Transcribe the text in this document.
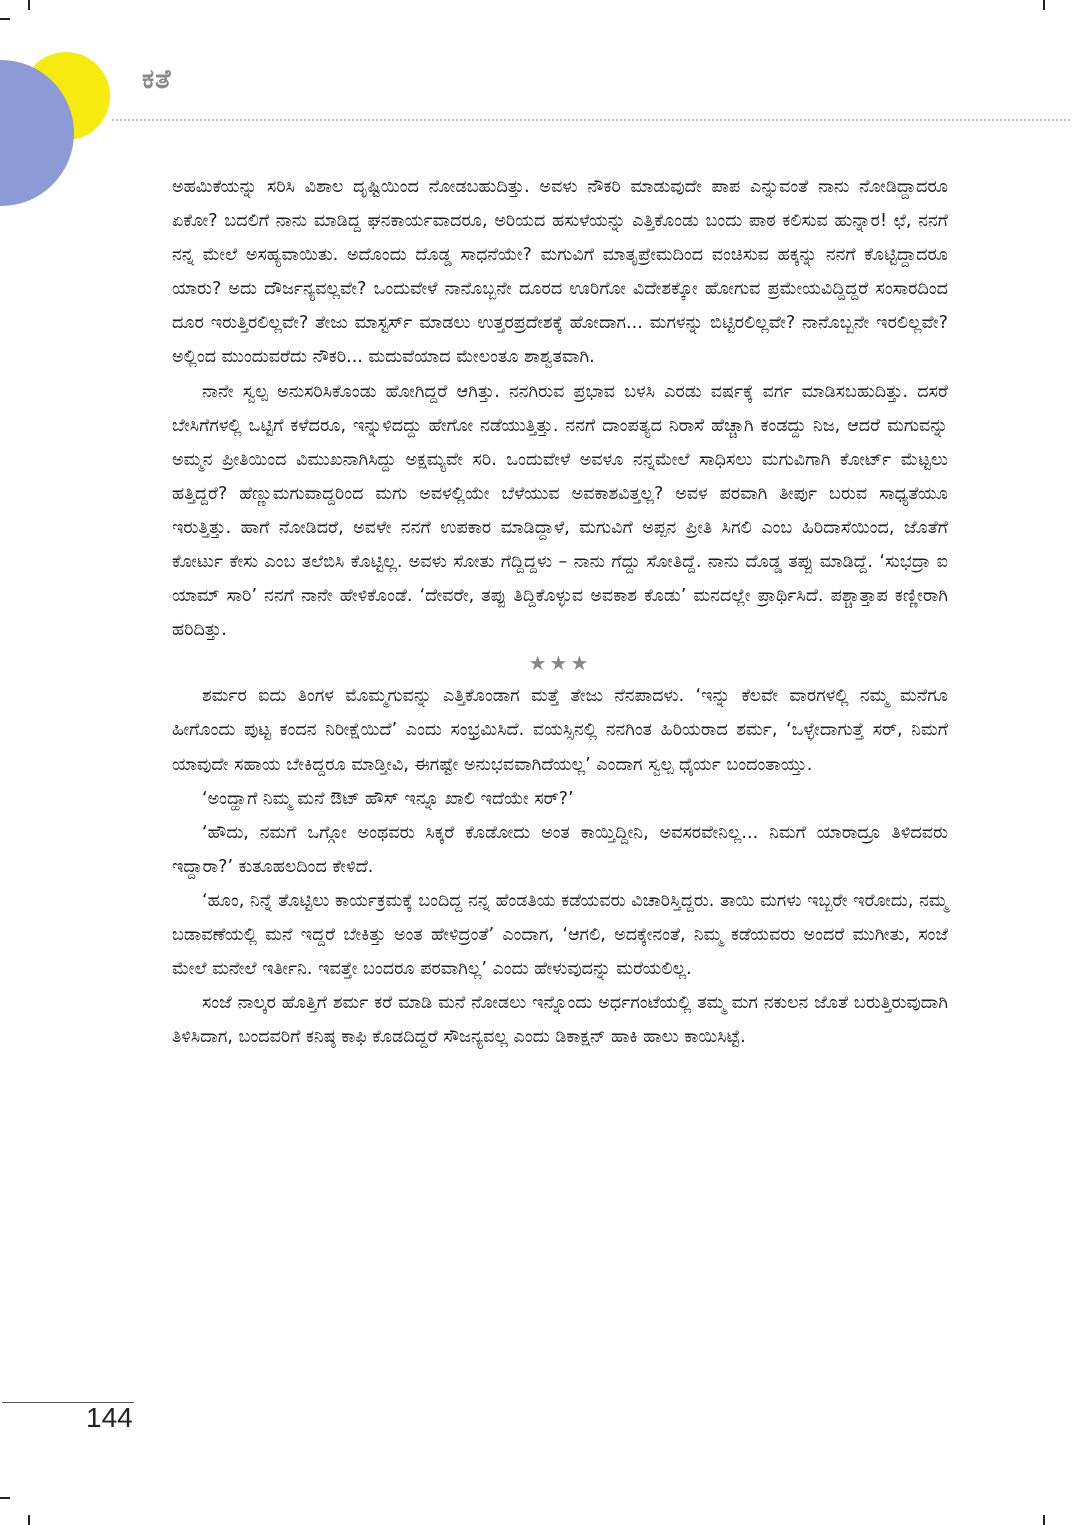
ಕತೆ

ಅಹಮಿಕೆಯನ್ನು ಸರಿಸಿ ವಿಶಾಲ ದೃಷ್ಟಿಯಿಂದ ನೋಡಬಹುದಿತ್ತು. ಅವಳು ನೌಕರಿ ಮಾಡುವುದೇ ಪಾಪ ಎನ್ನುವಂತೆ ನಾನು ನೋಡಿದ್ದಾದರೂ ಏಕೋ? ಬದಲಿಗೆ ನಾನು ಮಾಡಿದ್ದ ಘನಕಾರ್ಯವಾದರೂ, ಅರಿಯದ ಹಸುಳೆಯನ್ನು ಎತ್ತಿಕೊಂಡು ಬಂದು ಪಾಠ ಕಲಿಸುವ ಹುನ್ನಾರ! ಛೆ, ನನಗೆ ನನ್ನ ಮೇಲೆ ಅಸಹ್ಯವಾಯಿತು. ಅದೊಂದು ದೊಡ್ಡ ಸಾಧನೆಯೇ? ಮಗುವಿಗೆ ಮಾತೃಪ್ರೇಮದಿಂದ ವಂಚಿಸುವ ಹಕ್ಕನ್ನು ನನಗೆ ಕೊಟ್ಟಿದ್ದಾದರೂ ಯಾರು? ಅದು ದೌರ್ಜನ್ಯವಲ್ಲವೇ? ಒಂದುವೇಳೆ ನಾನೊಬ್ಬನೇ ದೂರದ ಊರಿಗೋ ವಿದೇಶಕ್ಕೋ ಹೋಗುವ ಪ್ರಮೇಯವಿದ್ದಿದ್ದರೆ ಸಂಸಾರದಿಂದ ದೂರ ಇರುತ್ತಿರಲಿಲ್ಲವೇ? ತೇಜು ಮಾಸ್ಟರ್ಸ್ ಮಾಡಲು ಉತ್ತರಪ್ರದೇಶಕ್ಕೆ ಹೋದಾಗ... ಮಗಳನ್ನು ಬಿಟ್ಟಿರಲಿಲ್ಲವೇ? ನಾನೊಬ್ಬನೇ ಇರಲಿಲ್ಲವೇ? ಅಲ್ಲಿಂದ ಮುಂದುವರೆದು ನೌಕರಿ... ಮದುವೆಯಾದ ಮೇಲಂತೂ ಶಾಶ್ವತವಾಗಿ.

ನಾನೇ ಸ್ವಲ್ಪ ಅನುಸರಿಸಿಕೊಂಡು ಹೋಗಿದ್ದರೆ ಆಗಿತ್ತು. ನನಗಿರುವ ಪ್ರಭಾವ ಬಳಸಿ ಎರಡು ವರ್ಷಕ್ಕೆ ವರ್ಗ ಮಾಡಿಸಬಹುದಿತ್ತು. ದಸರೆ ಬೇಸಿಗೆಗಳಲ್ಲಿ ಒಟ್ಟಿಗೆ ಕಳೆದರೂ, ಇನ್ನುಳಿದದ್ದು ಹೇಗೋ ನಡೆಯುತ್ತಿತ್ತು. ನನಗೆ ದಾಂಪತ್ಯದ ನಿರಾಸೆ ಹೆಚ್ಚಾಗಿ ಕಂಡದ್ದು ನಿಜ, ಆದರೆ ಮಗುವನ್ನು ಅಮ್ಮನ ಪ್ರೀತಿಯಿಂದ ವಿಮುಖನಾಗಿಸಿದ್ದು ಅಕ್ಷಮ್ಯವೇ ಸರಿ. ಒಂದುವೇಳೆ ಅವಳೂ ನನ್ನಮೇಲೆ ಸಾಧಿಸಲು ಮಗುವಿಗಾಗಿ ಕೋರ್ಟ್ ಮೆಟ್ಟಲು ಹತ್ತಿದ್ದರೆ? ಹೆಣ್ಣುಮಗುವಾದ್ದರಿಂದ ಮಗು ಅವಳಲ್ಲಿಯೇ ಬೆಳೆಯುವ ಅವಕಾಶವಿತ್ತಲ್ಲ? ಅವಳ ಪರವಾಗಿ ತೀರ್ಪು ಬರುವ ಸಾಧ್ಯತೆಯೂ ಇರುತ್ತಿತ್ತು. ಹಾಗೆ ನೋಡಿದರೆ, ಅವಳೇ ನನಗೆ ಉಪಕಾರ ಮಾಡಿದ್ದಾಳೆ, ಮಗುವಿಗೆ ಅಪ್ಪನ ಪ್ರೀತಿ ಸಿಗಲಿ ಎಂಬ ಹಿರಿದಾಸೆಯಿಂದ, ಜೊತೆಗೆ ಕೋರ್ಟು ಕೇಸು ಎಂಬ ತಲೆಬಿಸಿ ಕೊಟ್ಟಿಲ್ಲ. ಅವಳು ಸೋತು ಗೆದ್ದಿದ್ದಳು – ನಾನು ಗೆದ್ದು ಸೋತಿದ್ದೆ. ನಾನು ದೊಡ್ಡ ತಪ್ಪು ಮಾಡಿದ್ದೆ. ‘ಸುಭದ್ರಾ ಐ ಯಾಮ್ ಸಾರಿ’ ನನಗೆ ನಾನೇ ಹೇಳಿಕೊಂಡೆ. ‘ದೇವರೇ, ತಪ್ಪು ತಿದ್ದಿಕೊಳ್ಳುವ ಅವಕಾಶ ಕೊಡು’ ಮನದಲ್ಲೇ ಪ್ರಾರ್ಥಿಸಿದೆ. ಪಶ್ಚಾತ್ತಾಪ ಕಣ್ಣೀರಾಗಿ ಹರಿದಿತ್ತು.

★★★

ಶರ್ಮರ ಐದು ತಿಂಗಳ ಮೊಮ್ಮಗುವನ್ನು ಎತ್ತಿಕೊಂಡಾಗ ಮತ್ತೆ ತೇಜು ನೆನಪಾದಳು. ‘ಇನ್ನು ಕೆಲವೇ ವಾರಗಳಲ್ಲಿ ನಮ್ಮ ಮನೆಗೂ ಹೀಗೊಂದು ಪುಟ್ಟ ಕಂದನ ನಿರೀಕ್ಷೆಯಿದೆ’ ಎಂದು ಸಂಭ್ರಮಿಸಿದೆ. ವಯಸ್ಸಿನಲ್ಲಿ ನನಗಿಂತ ಹಿರಿಯರಾದ ಶರ್ಮ, ‘ಒಳ್ಳೇದಾಗುತ್ತೆ ಸರ್, ನಿಮಗೆ ಯಾವುದೇ ಸಹಾಯ ಬೇಕಿದ್ದರೂ ಮಾಡ್ತೀವಿ, ಈಗಷ್ಟೇ ಅನುಭವವಾಗಿದೆಯಲ್ಲ’ ಎಂದಾಗ ಸ್ವಲ್ಪ ಧೈರ್ಯ ಬಂದಂತಾಯ್ತು.

‘ಅಂದ್ಹಾಗೆ ನಿಮ್ಮ ಮನೆ ಔಟ್ ಹೌಸ್ ಇನ್ನೂ ಖಾಲಿ ಇದೆಯೇ ಸರ್?’

‘ಹೌದು, ನಮಗೆ ಒಗ್ಗೋ ಅಂಥವರು ಸಿಕ್ಕರೆ ಕೊಡೋದು ಅಂತ ಕಾಯ್ತಿದ್ದೀನಿ, ಅವಸರವೇನಿಲ್ಲ... ನಿಮಗೆ ಯಾರಾದ್ರೂ ತಿಳಿದವರು ಇದ್ದಾರಾ?’ ಕುತೂಹಲದಿಂದ ಕೇಳಿದೆ.

‘ಹೂಂ, ನಿನ್ನೆ ತೊಟ್ಟಿಲು ಕಾರ್ಯಕ್ರಮಕ್ಕೆ ಬಂದಿದ್ದ ನನ್ನ ಹೆಂಡತಿಯ ಕಡೆಯವರು ವಿಚಾರಿಸ್ತಿದ್ದರು. ತಾಯಿ ಮಗಳು ಇಬ್ಬರೇ ಇರೋದು, ನಮ್ಮ ಬಡಾವಣೆಯಲ್ಲಿ ಮನೆ ಇದ್ದರೆ ಬೇಕಿತ್ತು ಅಂತ ಹೇಳಿದ್ರಂತೆ’ ಎಂದಾಗ, ‘ಆಗಲಿ, ಅದಕ್ಕೇನಂತೆ, ನಿಮ್ಮ ಕಡೆಯವರು ಅಂದರೆ ಮುಗೀತು, ಸಂಜೆ ಮೇಲೆ ಮನೇಲೆ ಇರ್ತೀನಿ. ಇವತ್ತೇ ಬಂದರೂ ಪರವಾಗಿಲ್ಲ’ ಎಂದು ಹೇಳುವುದನ್ನು ಮರೆಯಲಿಲ್ಲ.

ಸಂಜೆ ನಾಲ್ಕರ ಹೊತ್ತಿಗೆ ಶರ್ಮ ಕರೆ ಮಾಡಿ ಮನೆ ನೋಡಲು ಇನ್ನೊಂದು ಅರ್ಧಗಂಟೆಯಲ್ಲಿ ತಮ್ಮ ಮಗ ನಕುಲನ ಜೊತೆ ಬರುತ್ತಿರುವುದಾಗಿ ತಿಳಿಸಿದಾಗ, ಬಂದವರಿಗೆ ಕನಿಷ್ಠ ಕಾಫಿ ಕೊಡದಿದ್ದರೆ ಸೌಜನ್ಯವಲ್ಲ ಎಂದು ಡಿಕಾಕ್ಷನ್ ಹಾಕಿ ಹಾಲು ಕಾಯಿಸಿಟ್ಟೆ.

144
